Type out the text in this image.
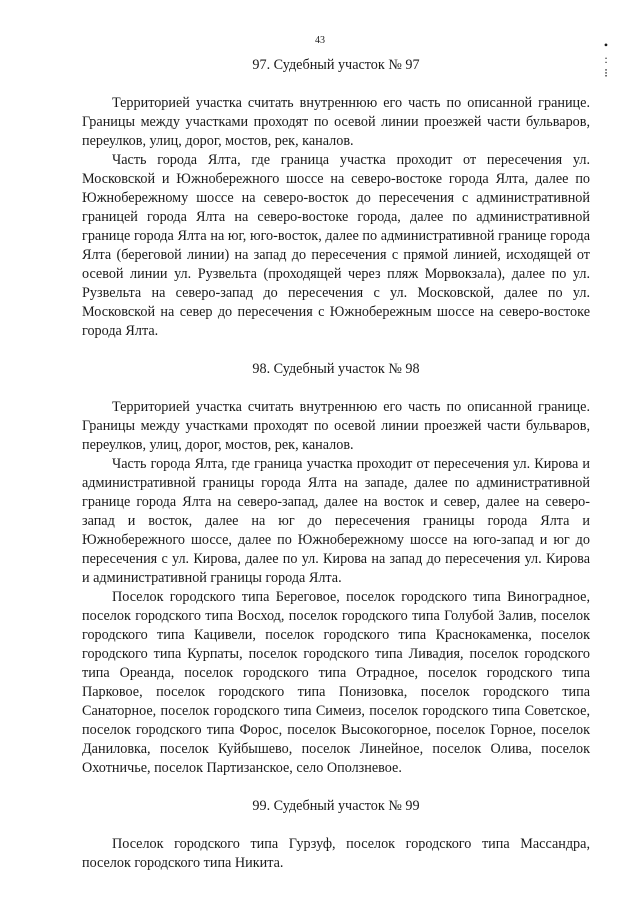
43	•
:
⁝

97. Судебный участок № 97

Территорией участка считать внутреннюю его часть по описанной границе. Границы между участками проходят по осевой линии проезжей части бульваров, переулков, улиц, дорог, мостов, рек, каналов.

Часть города Ялта, где граница участка проходит от пересечения ул. Московской и Южнобережного шоссе на северо-востоке города Ялта, далее по Южнобережному шоссе на северо-восток до пересечения с административной границей города Ялта на северо-востоке города, далее по административной границе города Ялта на юг, юго-восток, далее по административной границе города Ялта (береговой линии) на запад до пересечения с прямой линией, исходящей от осевой линии ул. Рузвельта (проходящей через пляж Морвокзала), далее по ул. Рузвельта на северо-запад до пересечения с ул. Московской, далее по ул. Московской на север до пересечения с Южнобережным шоссе на северо-востоке города Ялта.

98. Судебный участок № 98

Территорией участка считать внутреннюю его часть по описанной границе. Границы между участками проходят по осевой линии проезжей части бульваров, переулков, улиц, дорог, мостов, рек, каналов.

Часть города Ялта, где граница участка проходит от пересечения ул. Кирова и административной границы города Ялта на западе, далее по административной границе города Ялта на северо-запад, далее на восток и север, далее на северо-запад и восток, далее на юг до пересечения границы города Ялта и Южнобережного шоссе, далее по Южнобережному шоссе на юго-запад и юг до пересечения с ул. Кирова, далее по ул. Кирова на запад до пересечения ул. Кирова и административной границы города Ялта.

Поселок городского типа Береговое, поселок городского типа Виноградное, поселок городского типа Восход, поселок городского типа Голубой Залив, поселок городского типа Кацивели, поселок городского типа Краснокаменка, поселок городского типа Курпаты, поселок городского типа Ливадия, поселок городского типа Ореанда, поселок городского типа Отрадное, поселок городского типа Парковое, поселок городского типа Понизовка, поселок городского типа Санаторное, поселок городского типа Симеиз, поселок городского типа Советское, поселок городского типа Форос, поселок Высокогорное, поселок Горное, поселок Даниловка, поселок Куйбышево, поселок Линейное, поселок Олива, поселок Охотничье, поселок Партизанское, село Оползневое.

99. Судебный участок № 99

Поселок городского типа Гурзуф, поселок городского типа Массандра, поселок городского типа Никита.
